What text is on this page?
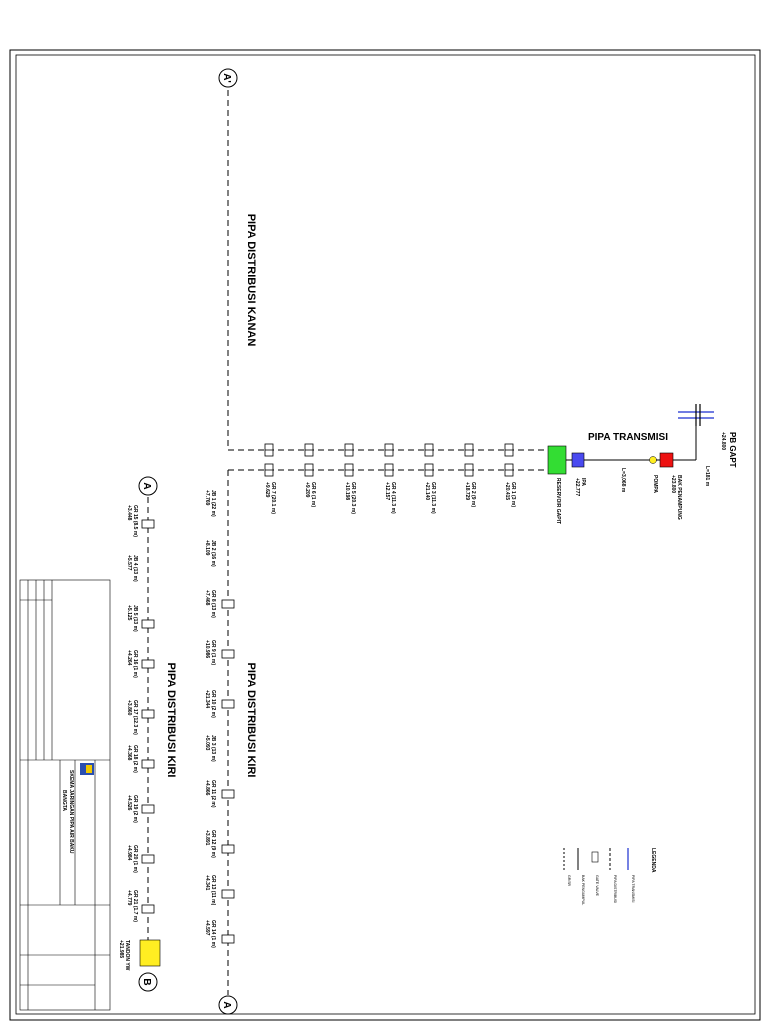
A'
A
PIPA DISTRIBUSI KANAN
PIPA DISTRIBUSI KIRI
GR 1 (3 m)
+20.415
GR 2 (9 m)
+18.729
GR 3 (11.3 m)
+21.140
GR 4 (11.3 m)
+12.157
GR 5 (20.3 m)
+10.198
GR 6 (1 m)
+9.209
GR 7 (20.1 m)
+9.629
PIPA TRANSMISI	PB GAPT
+24.800
L=181 m
BAK PENAMPUNG
+23.800
POMPA
L=3,068 m
IPA
+22.777
RESERVOIR GAPIT
JB 1 (22 m)
+7.769
JB 2 (16 m)
+8.109
GR 8 (13 m)
+7.468
GR 9 (1 m)
+10.986
GR 10 (2 m)
+21.344
JB 3 (13 m)
+5.093
GR 11 (2 m)
+4.866
GR 12 (9 m)
+3.891
GR 13 (11 m)
+4.341
GR 14 (1 m)
+4.597
A
PIPA DISTRIBUSI KIRI
GR 15 (8.5 m)
+3.448
JB 4 (13 m)
+5.577
JB 5 (13 m)
+5.125
GR 16 (1 m)
+4.264
GR 17 (12.3 m)
+3.860
GR 18 (2 m)
+4.368
GR 19 (2 m)
+4.526
GR 20 (1 m)
+4.984
GR 21 (1.7 m)
+4.779
TANDON YW
+21.985
B
LEGENDA
PIPA TRANSMISI
PIPA DISTRIBUSI
GATE VALVE
BAK PENGUMPUL
GR/SR
SKEMA JARINGAN PIPA AIR BAKU
BANGTA
